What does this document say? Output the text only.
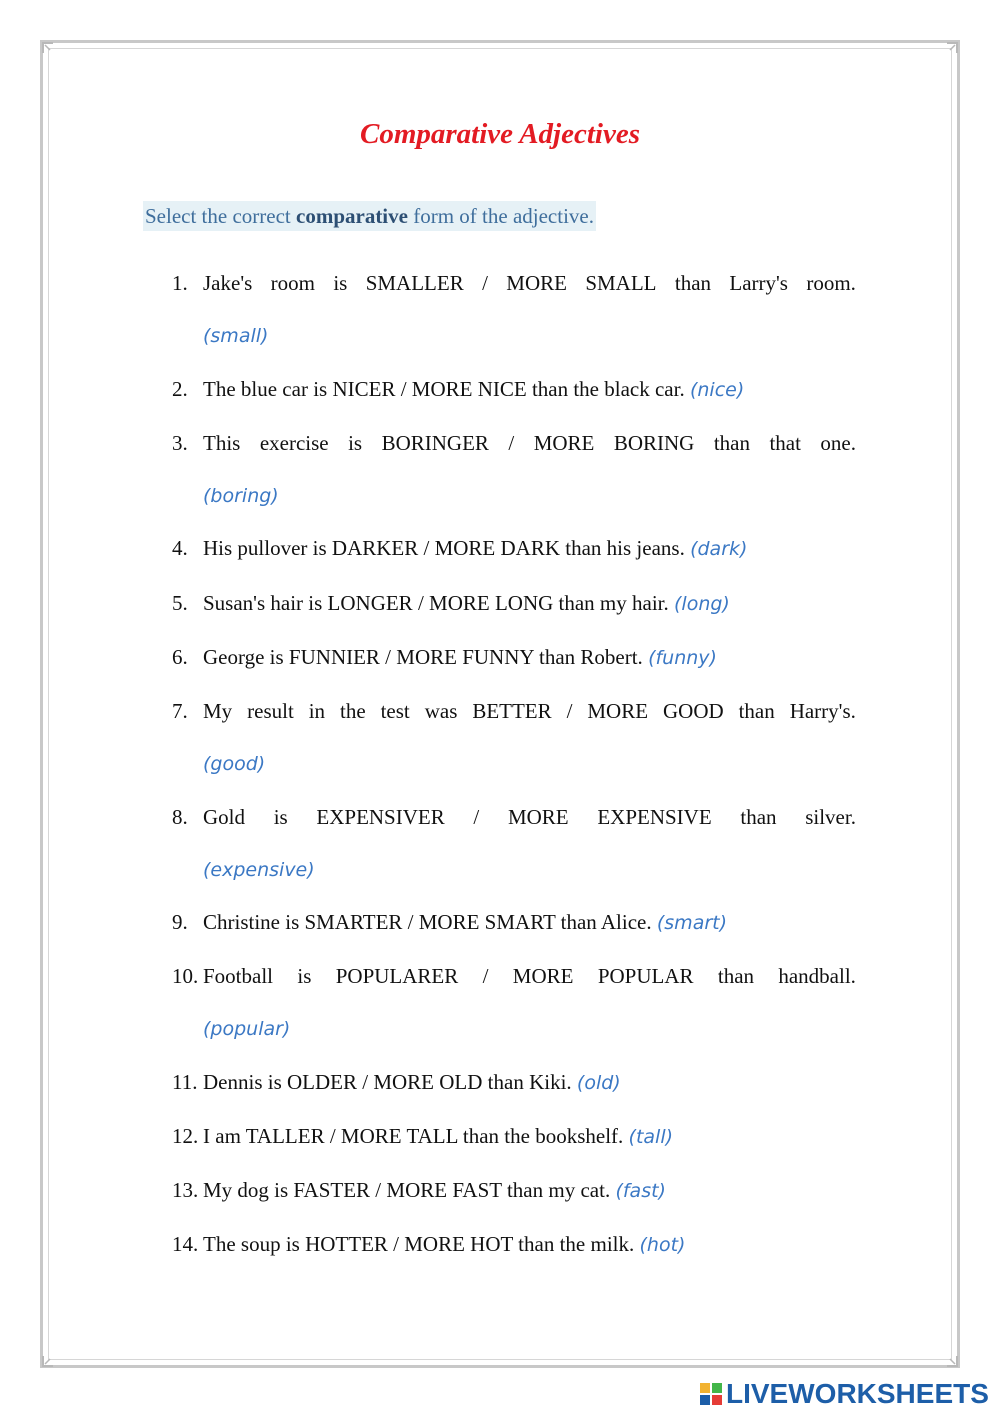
Comparative Adjectives
Select the correct comparative form of the adjective.
1. Jake's room is SMALLER / MORE SMALL than Larry's room.
(small)
2. The blue car is NICER / MORE NICE than the black car. (nice)
3. This exercise is BORINGER / MORE BORING than that one.
(boring)
4. His pullover is DARKER / MORE DARK than his jeans. (dark)
5. Susan's hair is LONGER / MORE LONG than my hair. (long)
6. George is FUNNIER / MORE FUNNY than Robert. (funny)
7. My result in the test was BETTER / MORE GOOD than Harry's.
(good)
8. Gold is EXPENSIVER / MORE EXPENSIVE than silver.
(expensive)
9. Christine is SMARTER / MORE SMART than Alice. (smart)
10. Football is POPULARER / MORE POPULAR than handball.
(popular)
11. Dennis is OLDER / MORE OLD than Kiki. (old)
12. I am TALLER / MORE TALL than the bookshelf. (tall)
13. My dog is FASTER / MORE FAST than my cat. (fast)
14. The soup is HOTTER / MORE HOT than the milk. (hot)
LIVEWORKSHEETS
